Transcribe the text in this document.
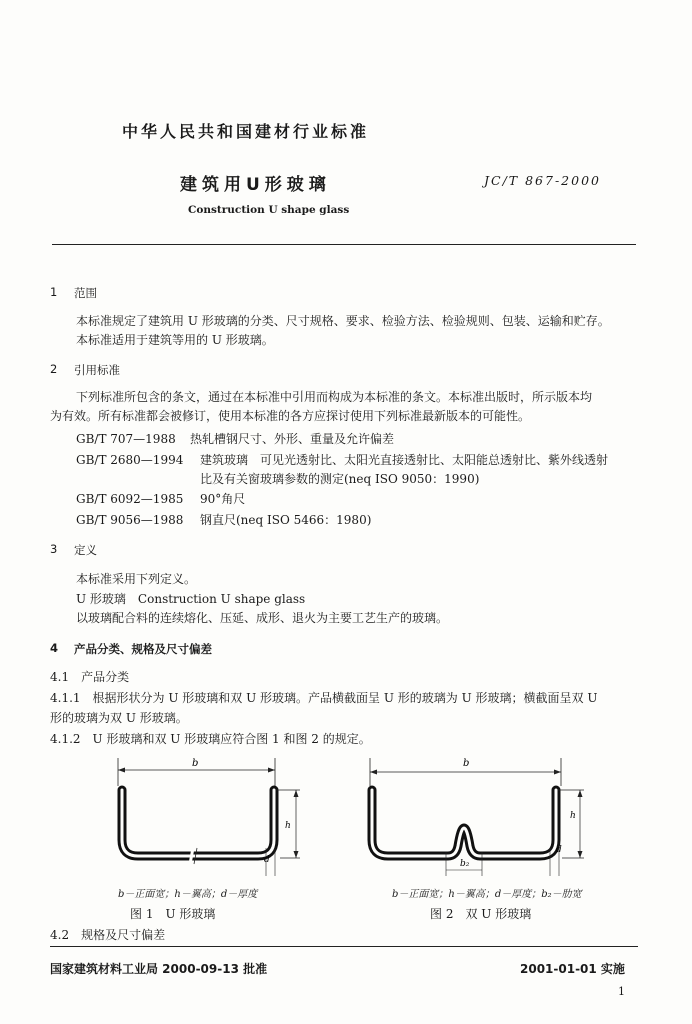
中华人民共和国建材行业标准
建筑用U形玻璃	JC/T 867-2000
Construction U shape glass
1 范围
本标准规定了建筑用 U 形玻璃的分类、尺寸规格、要求、检验方法、检验规则、包装、运输和贮存。
本标准适用于建筑等用的 U 形玻璃。
2 引用标准
下列标准所包含的条文，通过在本标准中引用而构成为本标准的条文。本标准出版时，所示版本均
为有效。所有标准都会被修订，使用本标准的各方应探讨使用下列标准最新版本的可能性。
GB/T 707—1988 热轧槽钢尺寸、外形、重量及允许偏差
GB/T 2680—1994 建筑玻璃　可见光透射比、太阳光直接透射比、太阳能总透射比、紫外线透射
比及有关窗玻璃参数的测定(neq ISO 9050：1990)
GB/T 6092—1985 90°角尺
GB/T 9056—1988 钢直尺(neq ISO 5466：1980)
3 定义
本标准采用下列定义。
U 形玻璃　Construction U shape glass
以玻璃配合料的连续熔化、压延、成形、退火为主要工艺生产的玻璃。
4 产品分类、规格及尺寸偏差
4.1　产品分类
4.1.1　根据形状分为 U 形玻璃和双 U 形玻璃。产品横截面呈 U 形的玻璃为 U 形玻璃；横截面呈双 U
形的玻璃为双 U 形玻璃。
4.1.2　U 形玻璃和双 U 形玻璃应符合图 1 和图 2 的规定。
b
h
d
b－正面宽；h－翼高；d－厚度
图 1　U 形玻璃
b
b₂
h
d
b－正面宽；h－翼高；d－厚度；b₂－肋宽
图 2　双 U 形玻璃
4.2　规格及尺寸偏差
国家建筑材料工业局 2000-09-13 批准	2001-01-01 实施
1
